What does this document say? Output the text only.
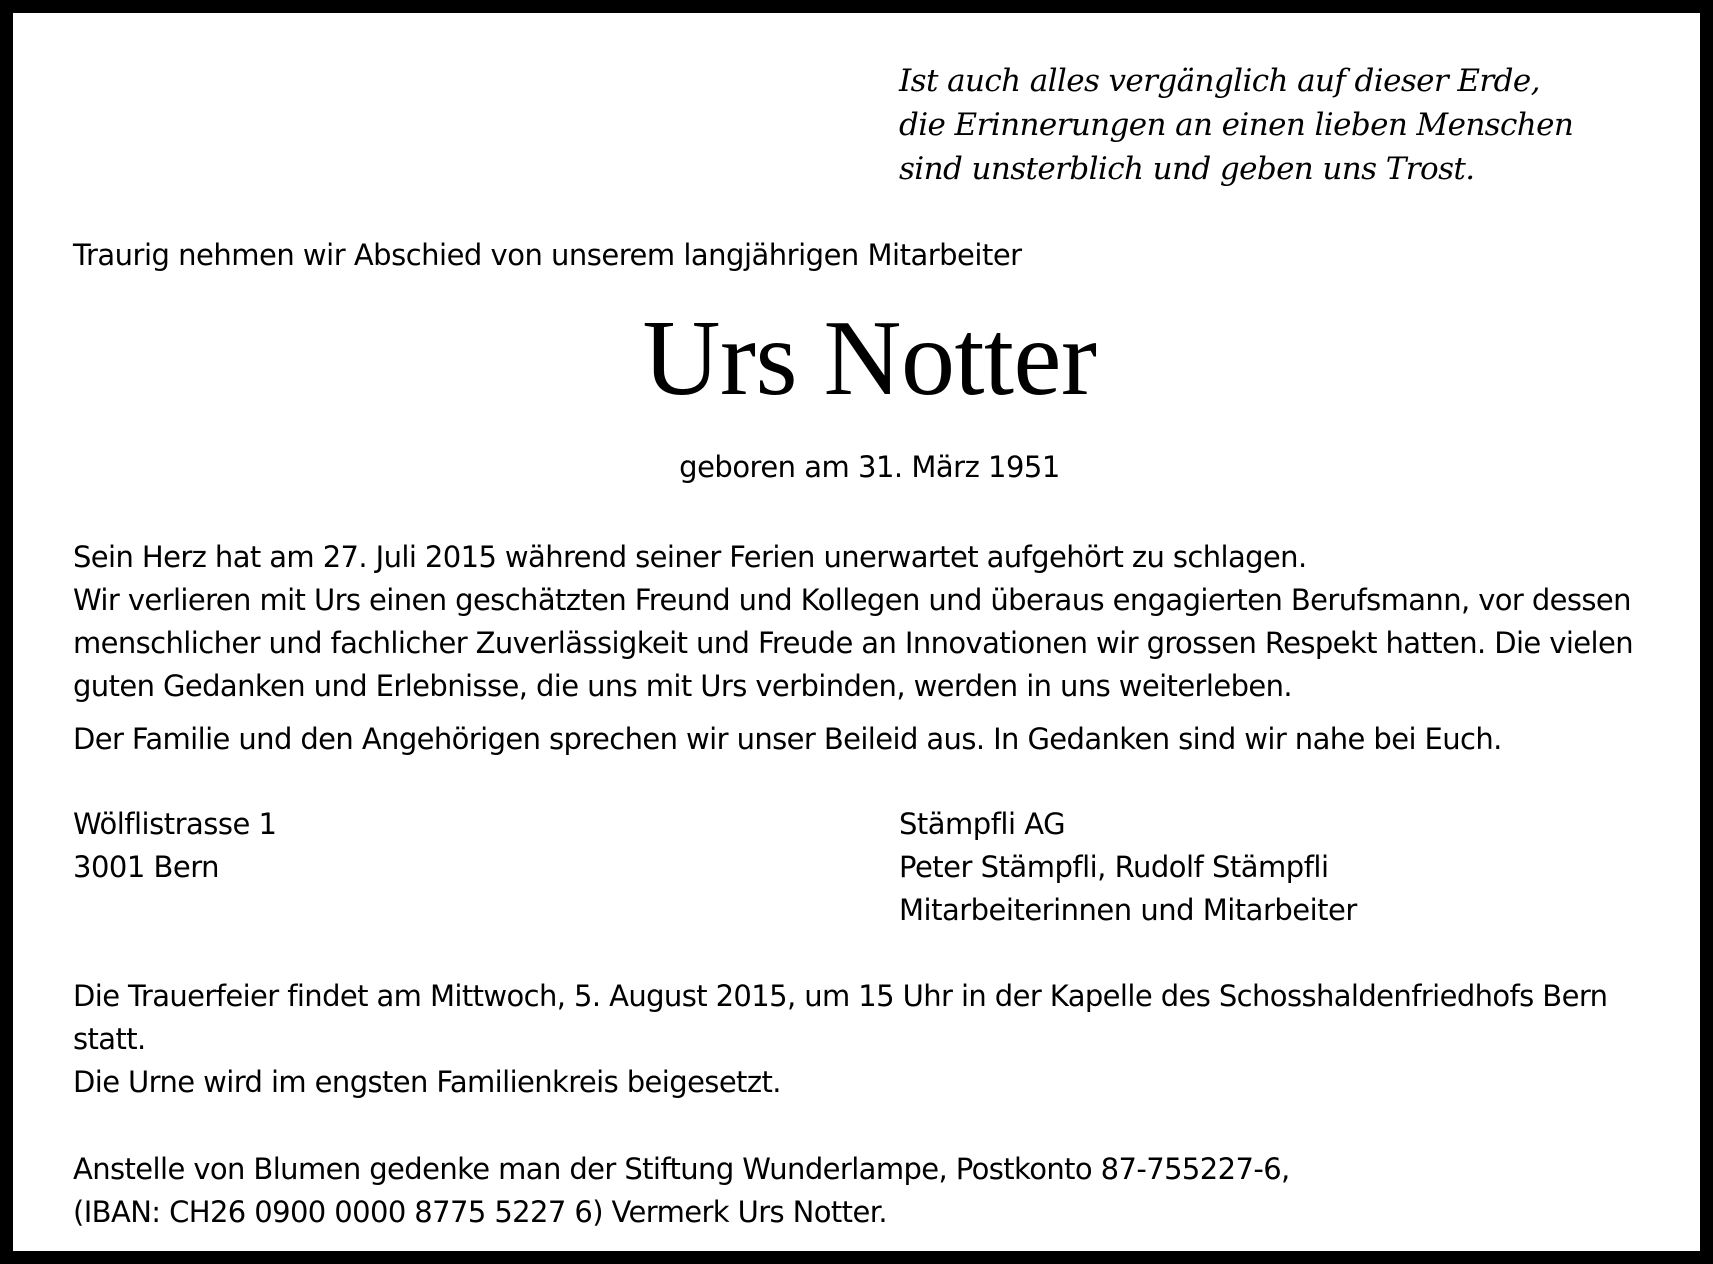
Ist auch alles vergänglich auf dieser Erde,
die Erinnerungen an einen lieben Menschen
sind unsterblich und geben uns Trost.
Traurig nehmen wir Abschied von unserem langjährigen Mitarbeiter
Urs Notter
geboren am 31. März 1951
Sein Herz hat am 27. Juli 2015 während seiner Ferien unerwartet aufgehört zu schlagen.
Wir verlieren mit Urs einen geschätzten Freund und Kollegen und überaus engagierten Berufsmann, vor dessen
menschlicher und fachlicher Zuverlässigkeit und Freude an Innovationen wir grossen Respekt hatten. Die vielen
guten Gedanken und Erlebnisse, die uns mit Urs verbinden, werden in uns weiterleben.
Der Familie und den Angehörigen sprechen wir unser Beileid aus. In Gedanken sind wir nahe bei Euch.
Wölflistrasse 1
3001 Bern
Stämpfli AG
Peter Stämpfli, Rudolf Stämpfli
Mitarbeiterinnen und Mitarbeiter
Die Trauerfeier findet am Mittwoch, 5. August 2015, um 15 Uhr in der Kapelle des Schosshaldenfriedhofs Bern
statt.
Die Urne wird im engsten Familienkreis beigesetzt.
Anstelle von Blumen gedenke man der Stiftung Wunderlampe, Postkonto 87-755227-6,
(IBAN: CH26 0900 0000 8775 5227 6) Vermerk Urs Notter.
